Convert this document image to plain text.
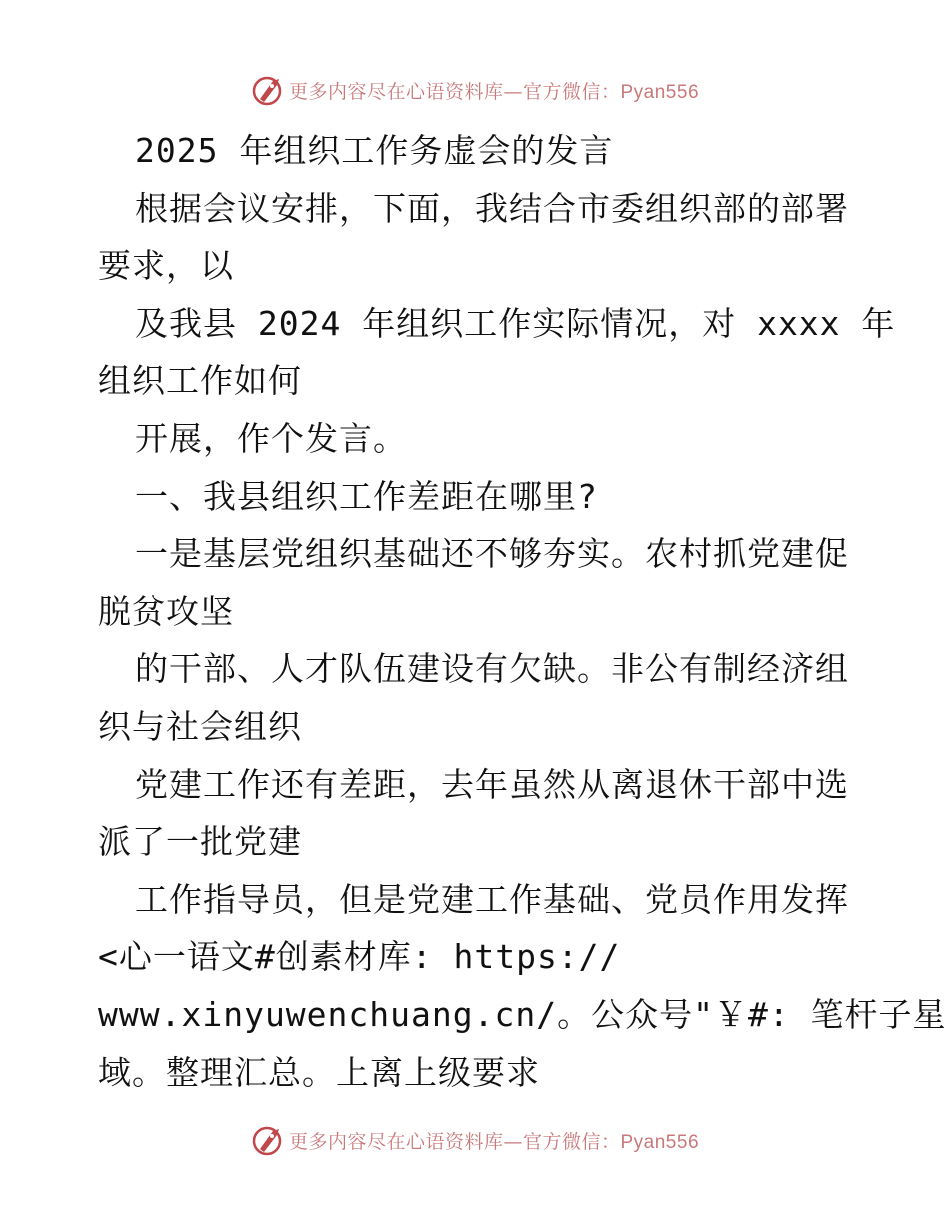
更多内容尽在心语资料库—官方微信：Pyan556
2025 年组织工作务虚会的发言
根据会议安排，下面，我结合市委组织部的部署
要求，以
及我县 2024 年组织工作实际情况，对 xxxx 年
组织工作如何
开展，作个发言。
一、我县组织工作差距在哪里?
一是基层党组织基础还不够夯实。农村抓党建促
脱贫攻坚
的干部、人才队伍建设有欠缺。非公有制经济组
织与社会组织
党建工作还有差距，去年虽然从离退休干部中选
派了一批党建
工作指导员，但是党建工作基础、党员作用发挥
<心一语文#创素材库: https://
www.xinyuwenchuang.cn/。公众号"￥#: 笔杆子星
域。整理汇总。上离上级要求
更多内容尽在心语资料库—官方微信：Pyan556
